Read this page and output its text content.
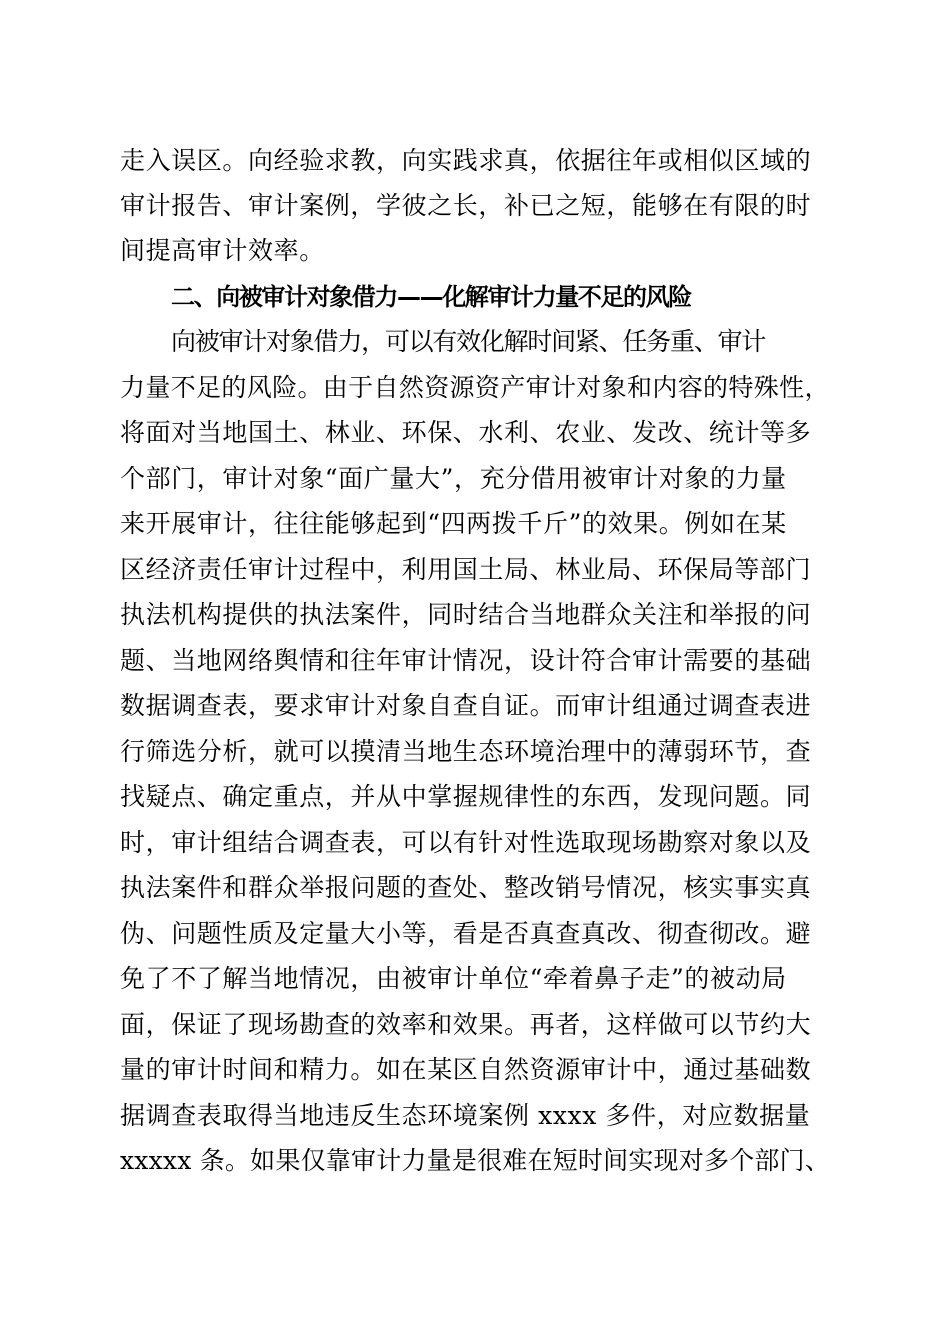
走入误区。向经验求教，向实践求真，依据往年或相似区域的
审计报告、审计案例，学彼之长，补已之短，能够在有限的时
间提高审计效率。
二、向被审计对象借力——化解审计力量不足的风险
向被审计对象借力，可以有效化解时间紧、任务重、审计
力量不足的风险。由于自然资源资产审计对象和内容的特殊性，
将面对当地国土、林业、环保、水利、农业、发改、统计等多
个部门，审计对象“面广量大”，充分借用被审计对象的力量
来开展审计，往往能够起到“四两拨千斤”的效果。例如在某
区经济责任审计过程中，利用国土局、林业局、环保局等部门
执法机构提供的执法案件，同时结合当地群众关注和举报的问
题、当地网络舆情和往年审计情况，设计符合审计需要的基础
数据调查表，要求审计对象自查自证。而审计组通过调查表进
行筛选分析，就可以摸清当地生态环境治理中的薄弱环节，查
找疑点、确定重点，并从中掌握规律性的东西，发现问题。同
时，审计组结合调查表，可以有针对性选取现场勘察对象以及
执法案件和群众举报问题的查处、整改销号情况，核实事实真
伪、问题性质及定量大小等，看是否真查真改、彻查彻改。避
免了不了解当地情况，由被审计单位“牵着鼻子走”的被动局
面，保证了现场勘查的效率和效果。再者，这样做可以节约大
量的审计时间和精力。如在某区自然资源审计中，通过基础数
据调查表取得当地违反生态环境案例 xxxx 多件，对应数据量
xxxxx 条。如果仅靠审计力量是很难在短时间实现对多个部门、
